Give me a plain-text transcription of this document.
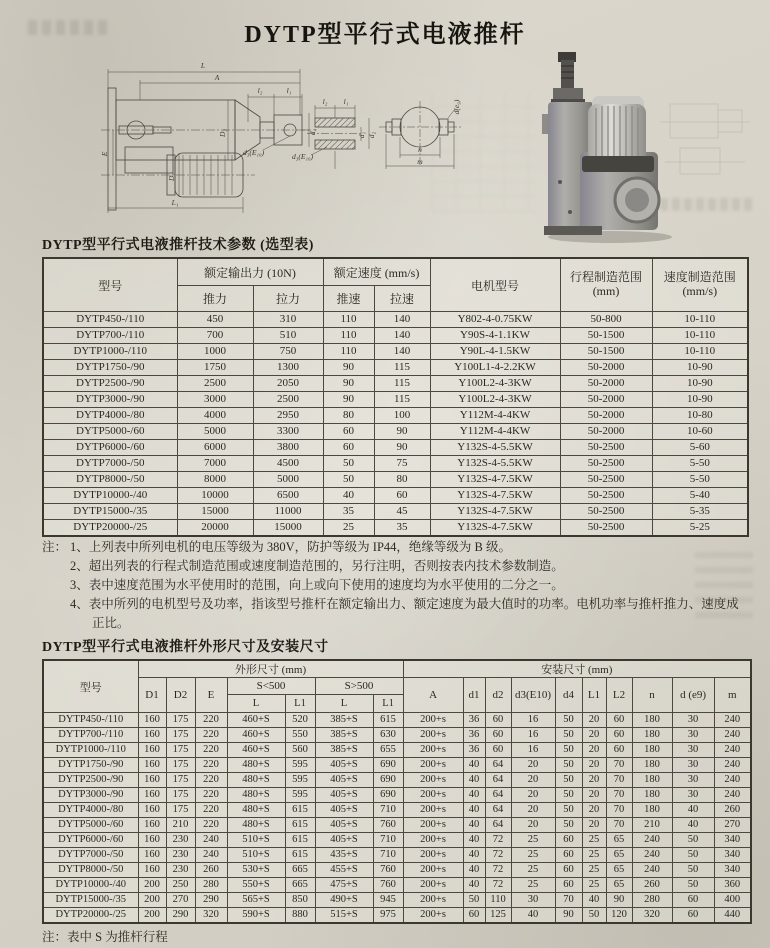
DYTP型平行式电液推杆
L
A
l₂	l₁
D₂	d₄
d₃(E₁₀)
E
D₁
L₁
l₂ l₁
d₁ d₂
d₃(E₁₀)
n
m
d(e₉)
DYTP型平行式电液推杆技术参数 (选型表)
型号	额定输出力 (10N)	额定速度 (mm/s)	电机型号	
行程制造范围
(mm)

速度制造范围
(mm/s)

	推力	拉力	推速	拉速			
DYTP450-/110	450	310	110	140	Y802-4-0.75KW	50-800	10-110
DYTP700-/110	700	510	110	140	Y90S-4-1.1KW	50-1500	10-110
DYTP1000-/110	1000	750	110	140	Y90L-4-1.5KW	50-1500	10-110
DYTP1750-/90	1750	1300	90	115	Y100L1-4-2.2KW	50-2000	10-90
DYTP2500-/90	2500	2050	90	115	Y100L2-4-3KW	50-2000	10-90
DYTP3000-/90	3000	2500	90	115	Y100L2-4-3KW	50-2000	10-90
DYTP4000-/80	4000	2950	80	100	Y112M-4-4KW	50-2000	10-80
DYTP5000-/60	5000	3300	60	90	Y112M-4-4KW	50-2000	10-60
DYTP6000-/60	6000	3800	60	90	Y132S-4-5.5KW	50-2500	5-60
DYTP7000-/50	7000	4500	50	75	Y132S-4-5.5KW	50-2500	5-50
DYTP8000-/50	8000	5000	50	80	Y132S-4-7.5KW	50-2500	5-50
DYTP10000-/40	10000	6500	40	60	Y132S-4-7.5KW	50-2500	5-40
DYTP15000-/35	15000	11000	35	45	Y132S-4-7.5KW	50-2500	5-35
DYTP20000-/25	20000	15000	25	35	Y132S-4-7.5KW	50-2500	5-25
注： 1、上列表中所列电机的电压等级为 380V，防护等级为 IP44，绝缘等级为 B 级。
2、超出列表的行程式制造范围或速度制造范围的，另行注明，否则按表内技术参数制造。
3、表中速度范围为水平使用时的范围，向上或向下使用的速度均为水平使用的二分之一。
4、表中所列的电机型号及功率，指该型号推杆在额定输出力、额定速度为最大值时的功率。电机功率与推杆推力、速度成正比。
DYTP型平行式电液推杆外形尺寸及安装尺寸
型号	外形尺寸 (mm)							安装尺寸 (mm)									
	D1	D2	E	S<500		S>500		A	d1	d2	d3(E10)	d4	L1	L2	n	d (e9)	m
				L	L1	L	L1										
DYTP450-/110	160	175	220	460+S	520	385+S	615	200+s	36	60	16	50	20	60	180	30	240
DYTP700-/110	160	175	220	460+S	550	385+S	630	200+s	36	60	16	50	20	60	180	30	240
DYTP1000-/110	160	175	220	460+S	560	385+S	655	200+s	36	60	16	50	20	60	180	30	240
DYTP1750-/90	160	175	220	480+S	595	405+S	690	200+s	40	64	20	50	20	70	180	30	240
DYTP2500-/90	160	175	220	480+S	595	405+S	690	200+s	40	64	20	50	20	70	180	30	240
DYTP3000-/90	160	175	220	480+S	595	405+S	690	200+s	40	64	20	50	20	70	180	30	240
DYTP4000-/80	160	175	220	480+S	615	405+S	710	200+s	40	64	20	50	20	70	180	40	260
DYTP5000-/60	160	210	220	480+S	615	405+S	760	200+s	40	64	20	50	20	70	210	40	270
DYTP6000-/60	160	230	240	510+S	615	405+S	710	200+s	40	72	25	60	25	65	240	50	340
DYTP7000-/50	160	230	240	510+S	615	435+S	710	200+s	40	72	25	60	25	65	240	50	340
DYTP8000-/50	160	230	260	530+S	665	455+S	760	200+s	40	72	25	60	25	65	240	50	340
DYTP10000-/40	200	250	280	550+S	665	475+S	760	200+s	40	72	25	60	25	65	260	50	360
DYTP15000-/35	200	270	290	565+S	850	490+S	945	200+s	50	110	30	70	40	90	280	60	400
DYTP20000-/25	200	290	320	590+S	880	515+S	975	200+s	60	125	40	90	50	120	320	60	440
注：表中 S 为推杆行程
